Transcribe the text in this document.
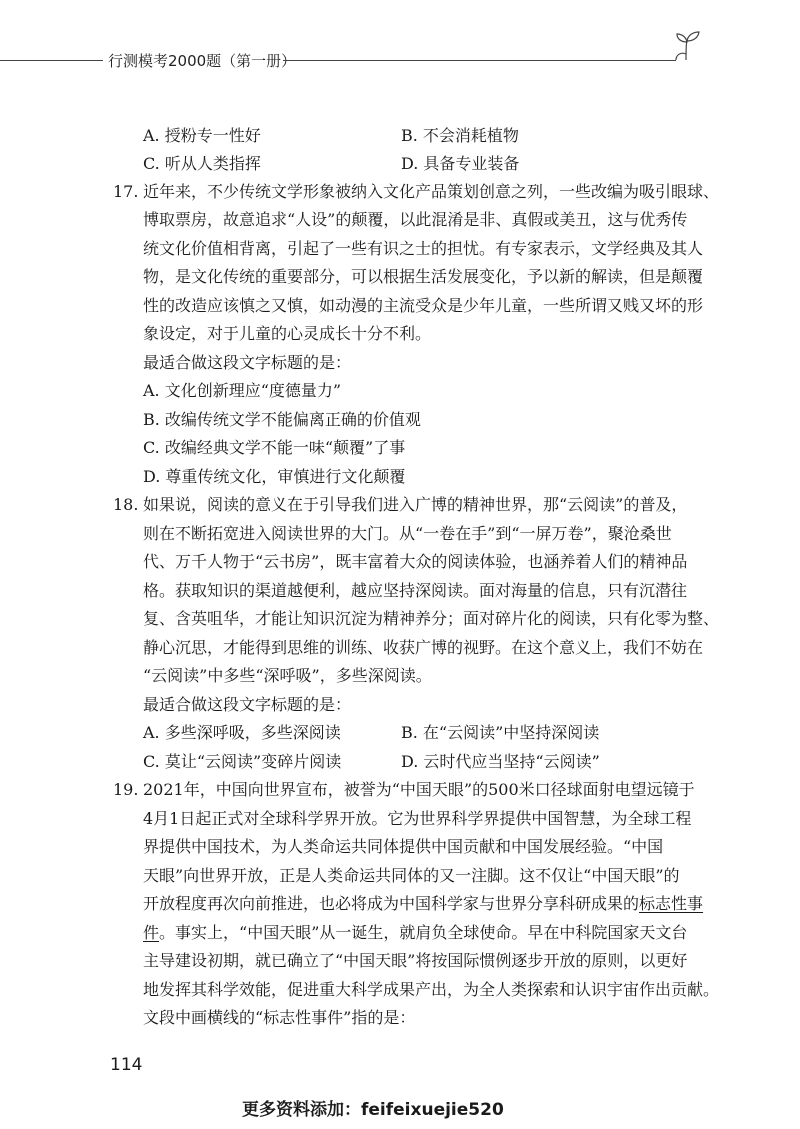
行测模考2000题（第一册）
A. 授粉专一性好	B. 不会消耗植物
C. 听从人类指挥	D. 具备专业装备
17. 近年来，不少传统文学形象被纳入文化产品策划创意之列，一些改编为吸引眼球、
博取票房，故意追求“人设”的颠覆，以此混淆是非、真假或美丑，这与优秀传
统文化价值相背离，引起了一些有识之士的担忧。有专家表示，文学经典及其人
物，是文化传统的重要部分，可以根据生活发展变化，予以新的解读，但是颠覆
性的改造应该慎之又慎，如动漫的主流受众是少年儿童，一些所谓又贱又坏的形
象设定，对于儿童的心灵成长十分不利。
最适合做这段文字标题的是：
A. 文化创新理应“度德量力”
B. 改编传统文学不能偏离正确的价值观
C. 改编经典文学不能一味“颠覆”了事
D. 尊重传统文化，审慎进行文化颠覆
18. 如果说，阅读的意义在于引导我们进入广博的精神世界，那“云阅读”的普及，
则在不断拓宽进入阅读世界的大门。从“一卷在手”到“一屏万卷”，聚沧桑世
代、万千人物于“云书房”，既丰富着大众的阅读体验，也涵养着人们的精神品
格。获取知识的渠道越便利，越应坚持深阅读。面对海量的信息，只有沉潜往
复、含英咀华，才能让知识沉淀为精神养分；面对碎片化的阅读，只有化零为整、
静心沉思，才能得到思维的训练、收获广博的视野。在这个意义上，我们不妨在
“云阅读”中多些“深呼吸”，多些深阅读。
最适合做这段文字标题的是：
A. 多些深呼吸，多些深阅读	B. 在“云阅读”中坚持深阅读
C. 莫让“云阅读”变碎片阅读	D. 云时代应当坚持“云阅读”
19. 2021年，中国向世界宣布，被誉为“中国天眼”的500米口径球面射电望远镜于
4月1日起正式对全球科学界开放。它为世界科学界提供中国智慧，为全球工程
界提供中国技术，为人类命运共同体提供中国贡献和中国发展经验。“中国
天眼”向世界开放，正是人类命运共同体的又一注脚。这不仅让“中国天眼”的
开放程度再次向前推进，也必将成为中国科学家与世界分享科研成果的标志性事
件。事实上，“中国天眼”从一诞生，就肩负全球使命。早在中科院国家天文台
主导建设初期，就已确立了“中国天眼”将按国际惯例逐步开放的原则，以更好
地发挥其科学效能，促进重大科学成果产出，为全人类探索和认识宇宙作出贡献。
文段中画横线的“标志性事件”指的是：
114
更多资料添加：feifeixuejie520
